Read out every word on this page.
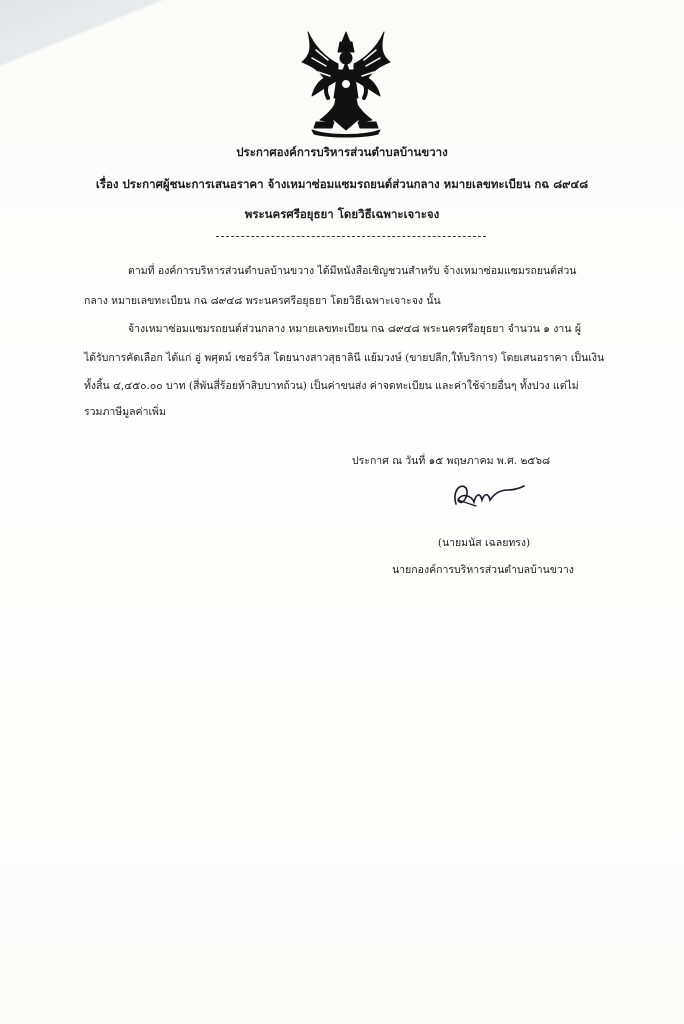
ประกาศองค์การบริหารส่วนตำบลบ้านขวาง
เรื่อง ประกาศผู้ชนะการเสนอราคา จ้างเหมาซ่อมแซมรถยนต์ส่วนกลาง หมายเลขทะเบียน กฉ ๘๙๔๘
พระนครศรีอยุธยา โดยวิธีเฉพาะเจาะจง
ตามที่ องค์การบริหารส่วนตำบลบ้านขวาง ได้มีหนังสือเชิญชวนสำหรับ จ้างเหมาซ่อมแซมรถยนต์ส่วน
กลาง หมายเลขทะเบียน กฉ ๘๙๔๘ พระนครศรีอยุธยา โดยวิธีเฉพาะเจาะจง นั้น
จ้างเหมาซ่อมแซมรถยนต์ส่วนกลาง หมายเลขทะเบียน กฉ ๘๙๔๘ พระนครศรีอยุธยา จำนวน ๑ งาน ผู้
ได้รับการคัดเลือก ได้แก่ อู่ พศุตม์ เซอร์วิส โดยนางสาวสุธาลินี แย้มวงษ์ (ขายปลีก,ให้บริการ) โดยเสนอราคา เป็นเงิน
ทั้งสิ้น ๔,๔๕๐.๐๐ บาท (สี่พันสี่ร้อยห้าสิบบาทถ้วน) เป็นค่าขนส่ง ค่าจดทะเบียน และค่าใช้จ่ายอื่นๆ ทั้งปวง แต่ไม่
รวมภาษีมูลค่าเพิ่ม
ประกาศ ณ วันที่ ๑๕ พฤษภาคม พ.ศ. ๒๕๖๘
(นายมนัส เฉลยทรง)
นายกองค์การบริหารส่วนตำบลบ้านขวาง
